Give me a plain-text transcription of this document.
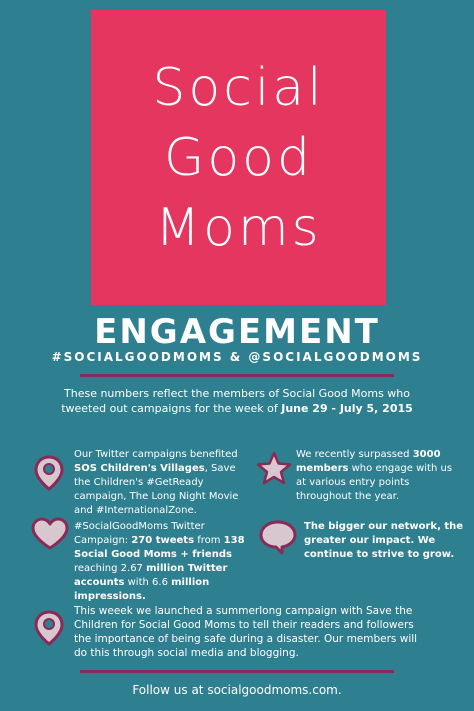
Social
Good
Moms
ENGAGEMENT
#SOCIALGOODMOMS & @SOCIALGOODMOMS
These numbers reflect the members of Social Good Moms who tweeted out campaigns for the week of June 29 - July 5, 2015
Our Twitter campaigns benefited SOS Children's Villages, Save the Children's #GetReady campaign, The Long Night Movie and #InternationalZone.
We recently surpassed 3000 members who engage with us at various entry points throughout the year.
#SocialGoodMoms Twitter Campaign: 270 tweets from 138 Social Good Moms + friends reaching 2.67 million Twitter accounts with 6.6 million impressions.
The bigger our network, the greater our impact. We continue to strive to grow.
This weeek we launched a summerlong campaign with Save the Children for Social Good Moms to tell their readers and followers the importance of being safe during a disaster. Our members will do this through social media and blogging.
Follow us at socialgoodmoms.com.
